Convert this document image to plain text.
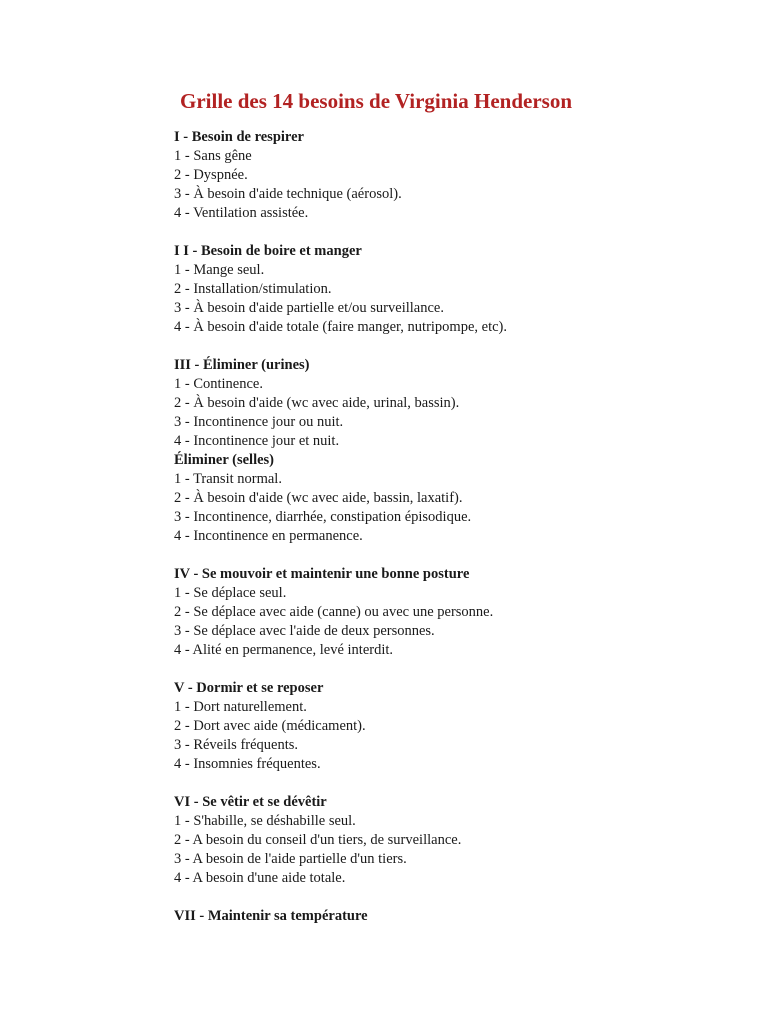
Grille des 14 besoins de Virginia Henderson
I - Besoin de respirer
1 - Sans gêne
2 - Dyspnée.
3 - À besoin d'aide technique (aérosol).
4 - Ventilation assistée.
I I - Besoin de boire et manger
1 - Mange seul.
2 - Installation/stimulation.
3 - À besoin d'aide partielle et/ou surveillance.
4 - À besoin d'aide totale (faire manger, nutripompe, etc).
III - Éliminer (urines)
1 - Continence.
2 - À besoin d'aide (wc avec aide, urinal, bassin).
3 - Incontinence jour ou nuit.
4 - Incontinence jour et nuit.
Éliminer (selles)
1 - Transit normal.
2 - À besoin d'aide (wc avec aide, bassin, laxatif).
3 - Incontinence, diarrhée, constipation épisodique.
4 - Incontinence en permanence.
IV - Se mouvoir et maintenir une bonne posture
1 - Se déplace seul.
2 - Se déplace avec aide (canne) ou avec une personne.
3 - Se déplace avec l'aide de deux personnes.
4 - Alité en permanence, levé interdit.
V - Dormir et se reposer
1 - Dort naturellement.
2 - Dort avec aide (médicament).
3 - Réveils fréquents.
4 - Insomnies fréquentes.
VI - Se vêtir et se dévêtir
1 - S'habille, se déshabille seul.
2 - A besoin du conseil d'un tiers, de surveillance.
3 - A besoin de l'aide partielle d'un tiers.
4 - A besoin d'une aide totale.
VII - Maintenir sa température
